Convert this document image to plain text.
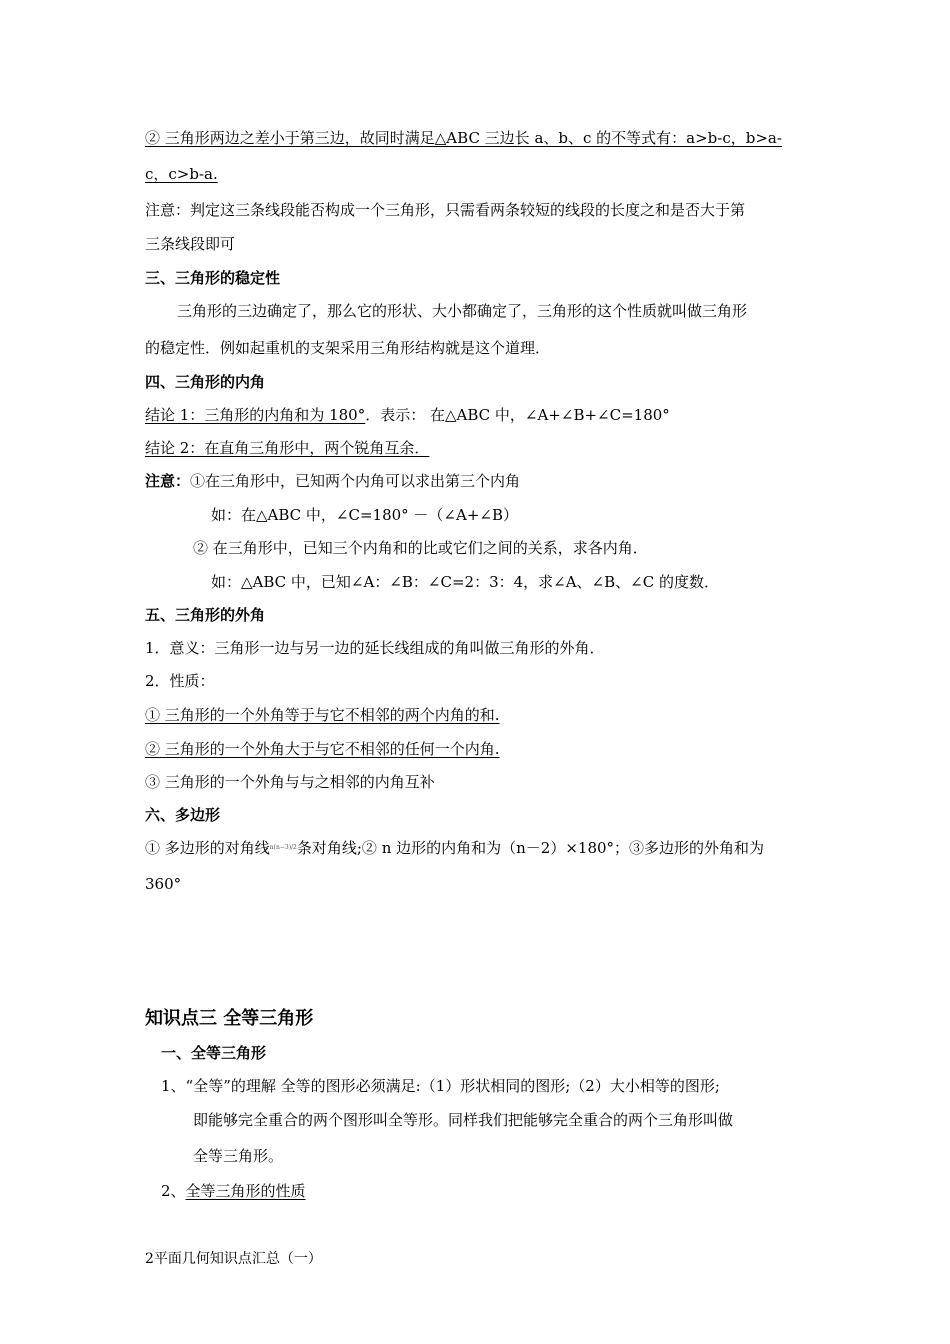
② 三角形两边之差小于第三边，故同时满足△ABC 三边长 a、b、c 的不等式有：a>b-c，b>a-
c，c>b-a.
注意：判定这三条线段能否构成一个三角形，只需看两条较短的线段的长度之和是否大于第
三条线段即可
三、三角形的稳定性
三角形的三边确定了，那么它的形状、大小都确定了，三角形的这个性质就叫做三角形
的稳定性．例如起重机的支架采用三角形结构就是这个道理．
四、三角形的内角
结论 1：三角形的内角和为 180°．表示： 在△ABC 中，∠A+∠B+∠C=180°
结论 2：在直角三角形中，两个锐角互余．
注意：①在三角形中，已知两个内角可以求出第三个内角
如：在△ABC 中，∠C=180° －（∠A+∠B）
② 在三角形中，已知三个内角和的比或它们之间的关系，求各内角．
如：△ABC 中，已知∠A：∠B：∠C=2：3：4，求∠A、∠B、∠C 的度数．
五、三角形的外角
1．意义：三角形一边与另一边的延长线组成的角叫做三角形的外角．
2．性质：
① 三角形的一个外角等于与它不相邻的两个内角的和.
② 三角形的一个外角大于与它不相邻的任何一个内角.
③ 三角形的一个外角与与之相邻的内角互补
六、多边形
① 多边形的对角线$^{n(n-3)/2}$条对角线;② n 边形的内角和为（n－2）×180°；③多边形的外角和为
360°
知识点三 全等三角形
一、全等三角形
1、“全等”的理解 全等的图形必须满足:（1）形状相同的图形;（2）大小相等的图形;
即能够完全重合的两个图形叫全等形。同样我们把能够完全重合的两个三角形叫做
全等三角形。
2、全等三角形的性质
2平面几何知识点汇总（一）
